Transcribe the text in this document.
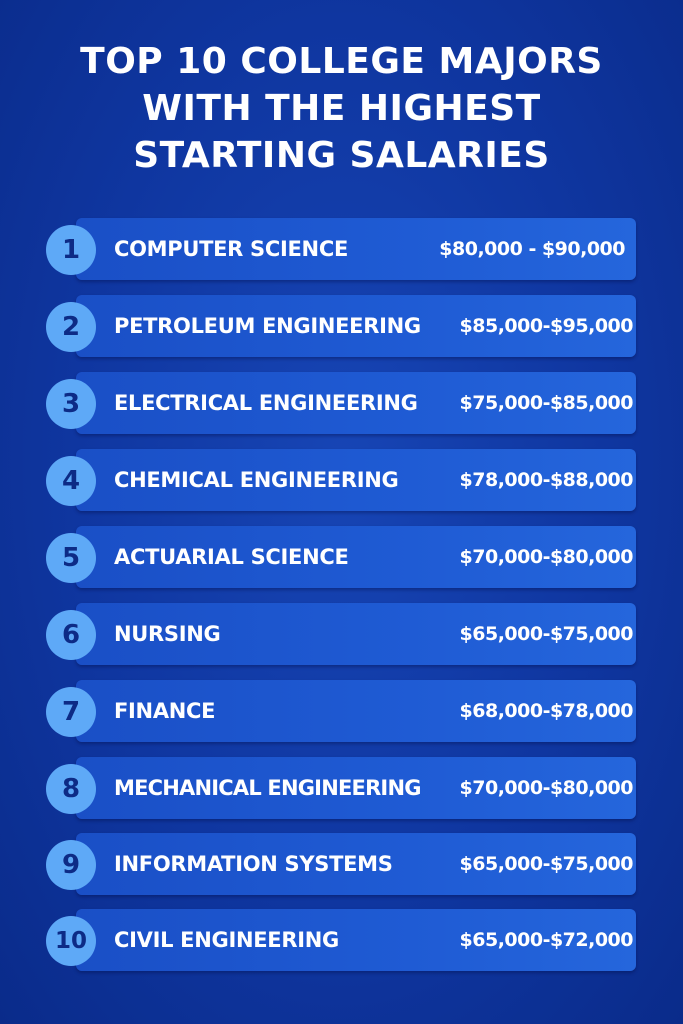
TOP 10 COLLEGE MAJORS
WITH THE HIGHEST
STARTING SALARIES
1	COMPUTER SCIENCE	$80,000 - $90,000
2	PETROLEUM ENGINEERING $85,000-$95,000
3	ELECTRICAL ENGINEERING $75,000-$85,000
4	CHEMICAL ENGINEERING	$78,000-$88,000
5	ACTUARIAL SCIENCE	$70,000-$80,000
6	NURSING	$65,000-$75,000
7	FINANCE	$68,000-$78,000
8	MECHANICAL ENGINEERING $70,000-$80,000
9	INFORMATION SYSTEMS	$65,000-$75,000
10	CIVIL ENGINEERING	$65,000-$72,000
